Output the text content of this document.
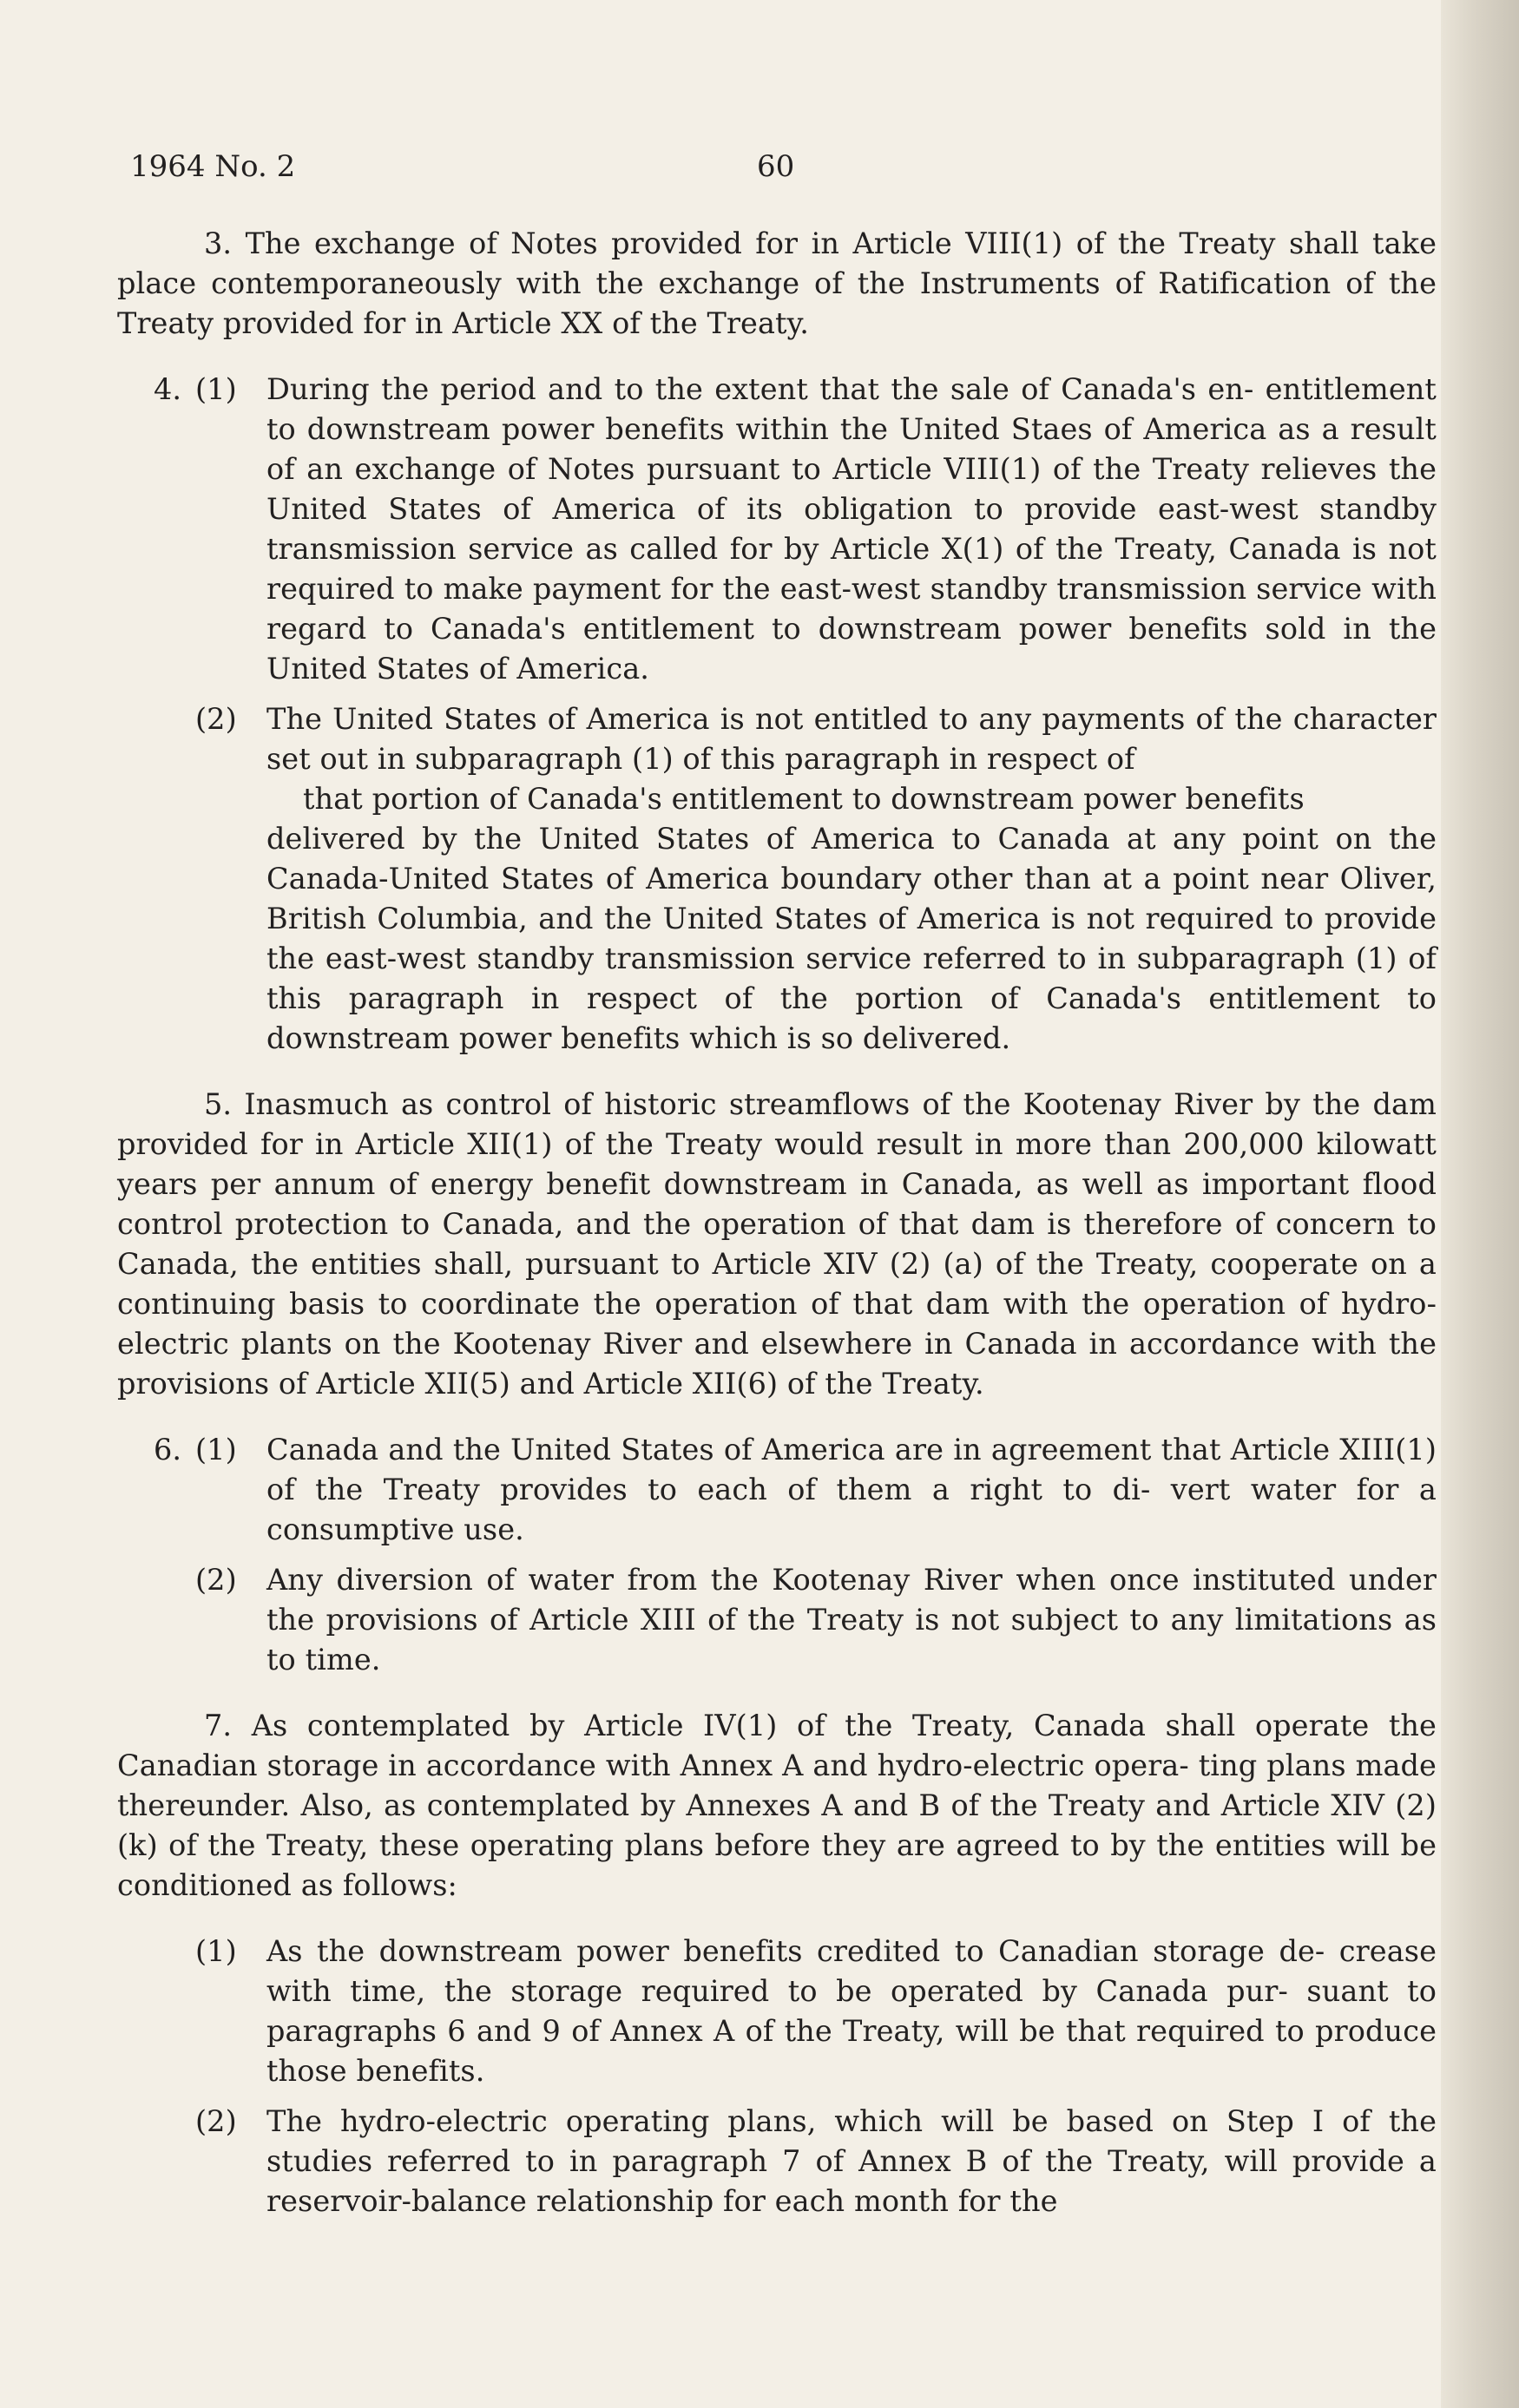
1964 No. 2	60

3. The exchange of Notes provided for in Article VIII(1) of the Treaty shall take place contemporaneously with the exchange of the Instruments of Ratification of the Treaty provided for in Article XX of the Treaty.

4. (1) During the period and to the extent that the sale of Canada's en- entitlement to downstream power benefits within the United Staes of America as a result of an exchange of Notes pursuant to Article VIII(1) of the Treaty relieves the United States of America of its obligation to provide east-west standby transmission service as called for by Article X(1) of the Treaty, Canada is not required to make payment for the east-west standby transmission service with regard to Canada's entitlement to downstream power benefits sold in the United States of America.
(2) The United States of America is not entitled to any payments of the character set out in subparagraph (1) of this paragraph in respect of
that portion of Canada's entitlement to downstream power benefits
delivered by the United States of America to Canada at any point on the Canada-United States of America boundary other than at a point near Oliver, British Columbia, and the United States of America is not required to provide the east-west standby transmission service referred to in subparagraph (1) of this paragraph in respect of the portion of Canada's entitlement to downstream power benefits which is so delivered.

5. Inasmuch as control of historic streamflows of the Kootenay River by the dam provided for in Article XII(1) of the Treaty would result in more than 200,000 kilowatt years per annum of energy benefit downstream in Canada, as well as important flood control protection to Canada, and the operation of that dam is therefore of concern to Canada, the entities shall, pursuant to Article XIV (2) (a) of the Treaty, cooperate on a continuing basis to coordinate the operation of that dam with the operation of hydro-electric plants on the Kootenay River and elsewhere in Canada in accordance with the provisions of Article XII(5) and Article XII(6) of the Treaty.

6. (1) Canada and the United States of America are in agreement that Article XIII(1) of the Treaty provides to each of them a right to di- vert water for a consumptive use.
(2) Any diversion of water from the Kootenay River when once instituted under the provisions of Article XIII of the Treaty is not subject to any limitations as to time.

7. As contemplated by Article IV(1) of the Treaty, Canada shall operate the Canadian storage in accordance with Annex A and hydro-electric opera- ting plans made thereunder. Also, as contemplated by Annexes A and B of the Treaty and Article XIV (2) (k) of the Treaty, these operating plans before they are agreed to by the entities will be conditioned as follows:

(1) As the downstream power benefits credited to Canadian storage de- crease with time, the storage required to be operated by Canada pur- suant to paragraphs 6 and 9 of Annex A of the Treaty, will be that required to produce those benefits.
(2) The hydro-electric operating plans, which will be based on Step I of the studies referred to in paragraph 7 of Annex B of the Treaty, will provide a reservoir-balance relationship for each month for the
